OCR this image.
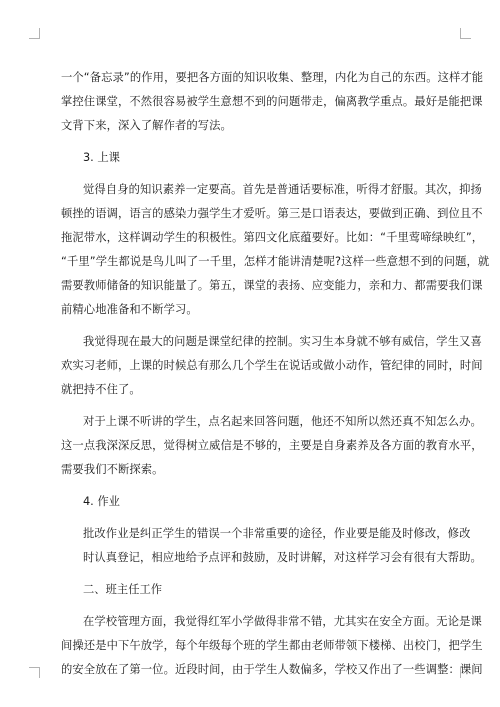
一个“备忘录”的作用，要把各方面的知识收集、整理，内化为自己的东西。这样才能
掌控住课堂，不然很容易被学生意想不到的问题带走，偏离教学重点。最好是能把课
文背下来，深入了解作者的写法。
3. 上课
觉得自身的知识素养一定要高。首先是普通话要标准，听得才舒服。其次，抑扬
顿挫的语调，语言的感染力强学生才爱听。第三是口语表达，要做到正确、到位且不
拖泥带水，这样调动学生的积极性。第四文化底蕴要好。比如：“千里莺啼绿映红”，
“千里”学生都说是鸟儿叫了一千里，怎样才能讲清楚呢?这样一些意想不到的问题，就
需要教师储备的知识能量了。第五，课堂的表扬、应变能力，亲和力、都需要我们课
前精心地准备和不断学习。
我觉得现在最大的问题是课堂纪律的控制。实习生本身就不够有威信，学生又喜
欢实习老师，上课的时候总有那么几个学生在说话或做小动作，管纪律的同时，时间
就把持不住了。
对于上课不听讲的学生，点名起来回答问题，他还不知所以然还真不知怎么办。
这一点我深深反思，觉得树立威信是不够的，主要是自身素养及各方面的教育水平，
需要我们不断探索。
4. 作业
批改作业是纠正学生的错误一个非常重要的途径，作业要是能及时修改，修改
时认真登记，相应地给予点评和鼓励，及时讲解，对这样学习会有很有大帮助。
二、班主任工作
在学校管理方面，我觉得红军小学做得非常不错，尤其实在安全方面。无论是课
间操还是中下午放学，每个年级每个班的学生都由老师带领下楼梯、出校门，把学生
的安全放在了第一位。近段时间，由于学生人数偏多，学校又作出了一些调整：课间
